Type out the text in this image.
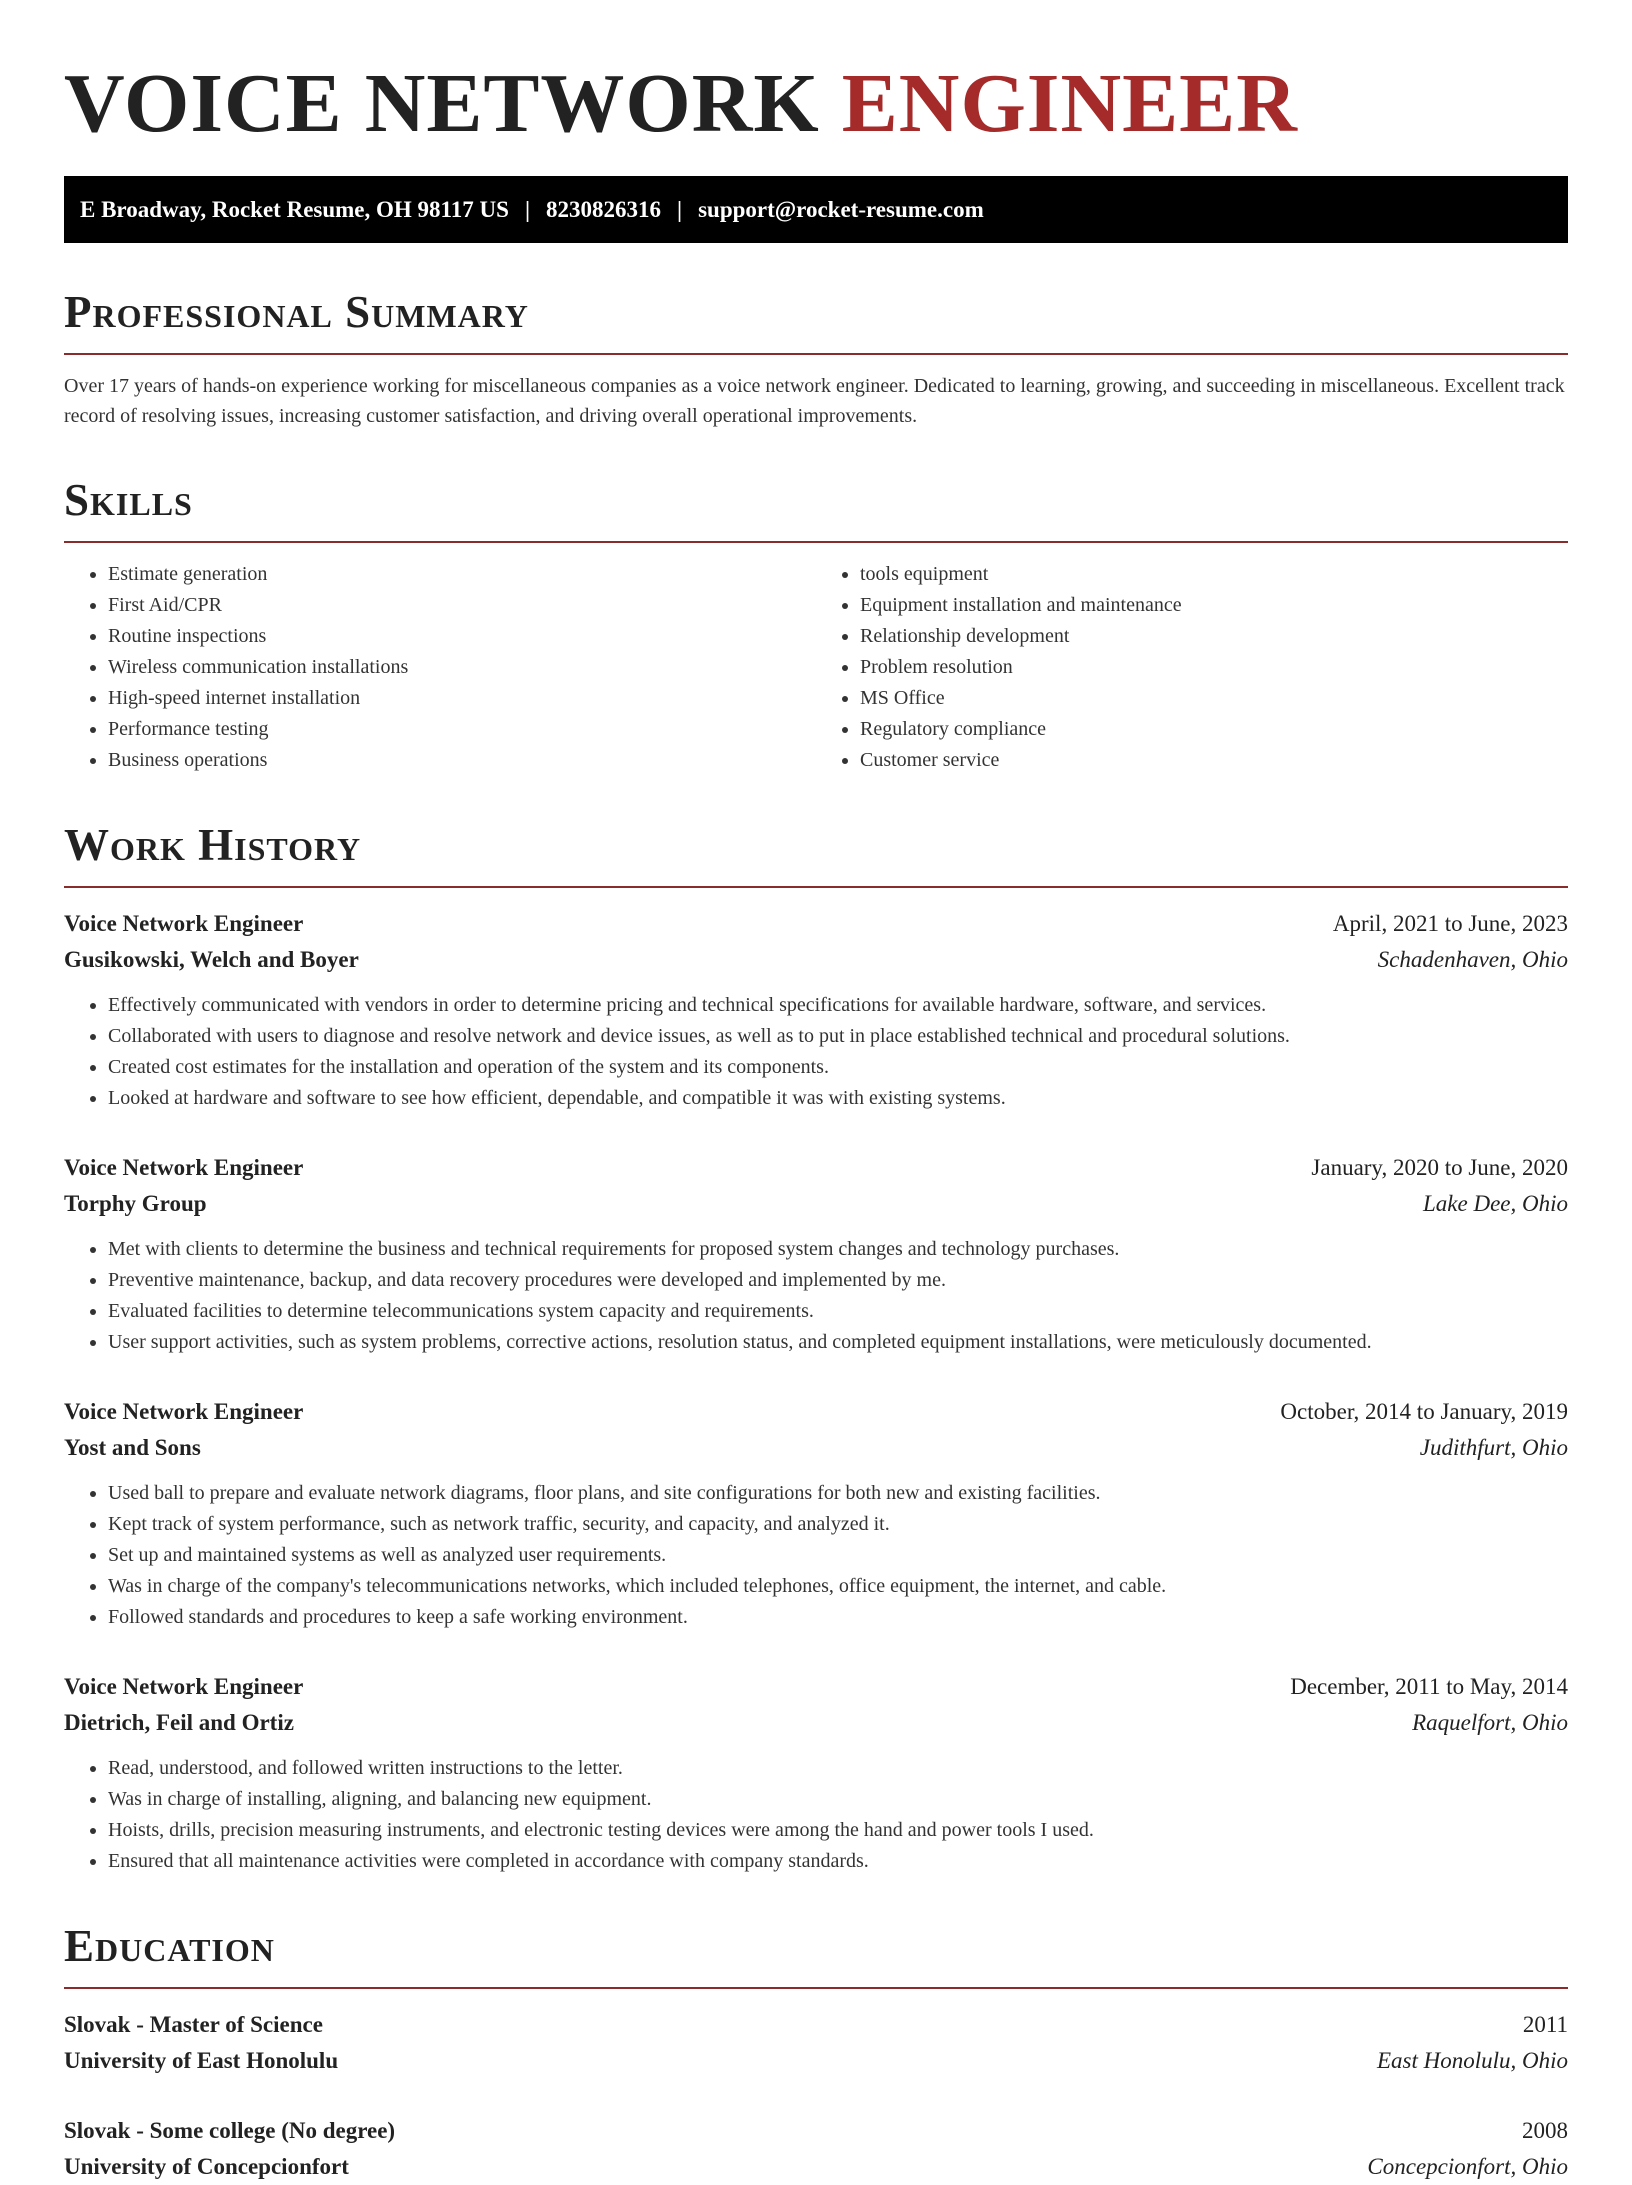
VOICE NETWORK ENGINEER
E Broadway, Rocket Resume, OH 98117 US | 8230826316 | support@rocket-resume.com
Professional Summary

Over 17 years of hands-on experience working for miscellaneous companies as a voice network engineer. Dedicated to learning, growing, and succeeding in miscellaneous. Excellent track record of resolving issues, increasing customer satisfaction, and driving overall operational improvements.

Skills
• Estimate generation
• First Aid/CPR
• Routine inspections
• Wireless communication installations
• High-speed internet installation
• Performance testing
• Business operations
• tools equipment
• Equipment installation and maintenance
• Relationship development
• Problem resolution
• MS Office
• Regulatory compliance
• Customer service
Work History
Voice Network Engineer	April, 2021 to June, 2023
Gusikowski, Welch and Boyer	Schadenhaven, Ohio
• Effectively communicated with vendors in order to determine pricing and technical specifications for available hardware, software, and services.
• Collaborated with users to diagnose and resolve network and device issues, as well as to put in place established technical and procedural solutions.
• Created cost estimates for the installation and operation of the system and its components.
• Looked at hardware and software to see how efficient, dependable, and compatible it was with existing systems.
Voice Network Engineer	January, 2020 to June, 2020
Torphy Group	Lake Dee, Ohio
• Met with clients to determine the business and technical requirements for proposed system changes and technology purchases.
• Preventive maintenance, backup, and data recovery procedures were developed and implemented by me.
• Evaluated facilities to determine telecommunications system capacity and requirements.
• User support activities, such as system problems, corrective actions, resolution status, and completed equipment installations, were meticulously documented.
Voice Network Engineer	October, 2014 to January, 2019
Yost and Sons	Judithfurt, Ohio
• Used ball to prepare and evaluate network diagrams, floor plans, and site configurations for both new and existing facilities.
• Kept track of system performance, such as network traffic, security, and capacity, and analyzed it.
• Set up and maintained systems as well as analyzed user requirements.
• Was in charge of the company's telecommunications networks, which included telephones, office equipment, the internet, and cable.
• Followed standards and procedures to keep a safe working environment.
Voice Network Engineer	December, 2011 to May, 2014
Dietrich, Feil and Ortiz	Raquelfort, Ohio
• Read, understood, and followed written instructions to the letter.
• Was in charge of installing, aligning, and balancing new equipment.
• Hoists, drills, precision measuring instruments, and electronic testing devices were among the hand and power tools I used.
• Ensured that all maintenance activities were completed in accordance with company standards.
Education
Slovak - Master of Science	2011
University of East Honolulu	East Honolulu, Ohio
Slovak - Some college (No degree)	2008
University of Concepcionfort	Concepcionfort, Ohio
